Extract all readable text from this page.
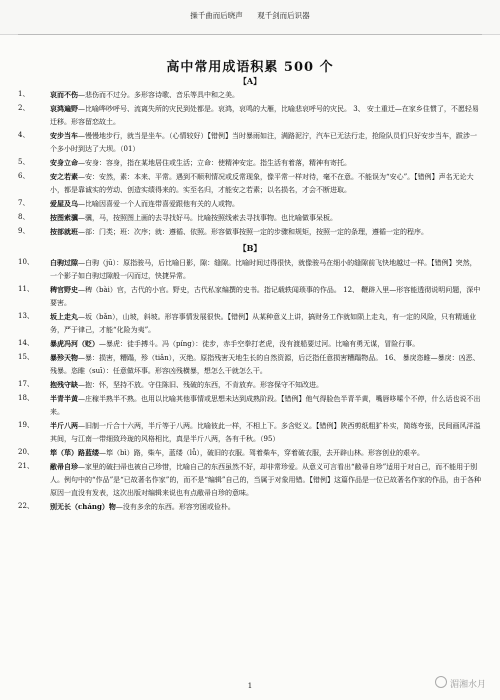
操千曲而后晓声 观千剑而后识器
高中常用成语积累 500 个
【A】

1、	哀而不伤—悲伤而不过分。多形容诗歌、音乐等具中和之美。

2、	哀鸿遍野—比喻哗吵呼号、流离失所的灾民到处都是。哀鸿，哀鸣的大雁，比喻悲哀呼号的灾民。 3、 安土重迁—在家乡住惯了，不愿轻易迁移。形容留恋故土。

4、	安步当车—慢慢地步行，就当是坐车。（心情较好）【错例】当时暴雨如注，满路泥泞，汽车已无法行走，抢险队员们只好安步当车，跋涉一个多小时到达了大坝。（01）

5、	安身立命—安身：容身，指在某地居住或生活；立命：使精神安定。指生活有着落，精神有寄托。

6、	安之若素—安：安然，素：本来、平常。遇到不顺利情况或反常现象，像平常一样对待，毫不在意。不能误为“安心”。【错例】声名无论大小，都是靠诚实的劳动、创造实绩得来的。实至名归，才能安之若素；以名损名，才会不断进取。

7、	爱屋及乌—比喻因喜爱一个人而连带喜爱跟他有关的人或物。

8、	按图索骥—骥，马，按照图上画的去寻找好马。比喻按照线索去寻找事物。也比喻做事呆板。

9、	按部就班—部：门类；班：次序；就：遵循、依照。形容做事按照一定的步骤和规矩，按照一定的条理，遵循一定的程序。

【B】

10、	白驹过隙—白驹（jū）：原指骏马，后比喻日影，隙：缝隙。比喻时间过得很快，就像骏马在细小的缝隙前飞快地越过一样。【错例】突然，一个影子如白驹过隙般一闪而过，快捷异常。

11、	稗官野史—稗（bài）官，古代的小官。野史，古代私家编撰的史书。指记载轶闻琐事的作品。 12、 鞭辟入里—形容能透彻说明问题，深中要害。

13、	坂上走丸—坂（bǎn），山坡，斜坡。形容事情发展很快。【错例】从某种意义上讲，搞财务工作就如陨上走丸，有一定的风险，只有精通业务，严于律己，才能“化险为夷”。

14、	暴虎冯河（贬）—暴虎：徒手搏斗。冯（píng）：徒步，赤手空拳打老虎，没有渡船要过河。比喻有勇无谋，冒险行事。

15、	暴殄天物—暴：损害，糟蹋，殄（tiǎn），灭绝。原指残害天地生长的自然资源，后泛指任意损害糟蹋物品。 16、 暴戾恣睢—暴戾：凶恶、残暴。恣睢（suī）：任意做坏事。形容凶残横暴，想怎么干就怎么干。

17、	抱残守缺—抱：怀，坚持不放。守住陈旧、残破的东西，不肯放弃。形容保守不知改进。

18、	半青半黄—庄稼半熟半不熟。也用以比喻其他事情或思想未达到成熟阶段。【错例】他气得脸色半青半黄，嘴唇哆嗦个不停，什么话也说不出来。

19、	半斤八两—旧制一斤合十六两，半斤等于八两。比喻彼此一样，不相上下。多含贬义。【错例】陕西剪纸粗犷朴实，简练夸张，民间画风洋溢其间，与江南一带细致玲珑的风格相比，真是半斤八两，各有千秋。（95）

20、	筚（荜）路蓝缕—筚（bì）路，柴车，蓝缕（lǚ），破旧的衣服。驾着柴车，穿着破衣服，去开辟山林。形容创业的艰辛。

21、	敝帚自珍—家里的破扫帚也被自己珍惜，比喻自己的东西虽然不好，却非常珍爱。从意义可言看出“敝帚自珍”适用于对自己，而不能用于别人。例句中的“作品”是“已故著名作家”的，而不是“编辑”自己的，当属于对象用错。【错例】这篇作品是一位已故著名作家的作品，由于各种原因一直没有发表，这次出版对编辑来说也有点敝帚自珍的意味。

22、	别无长（cháng）物—没有多余的东西。形容穷困或俭朴。

1	湄湘水月
